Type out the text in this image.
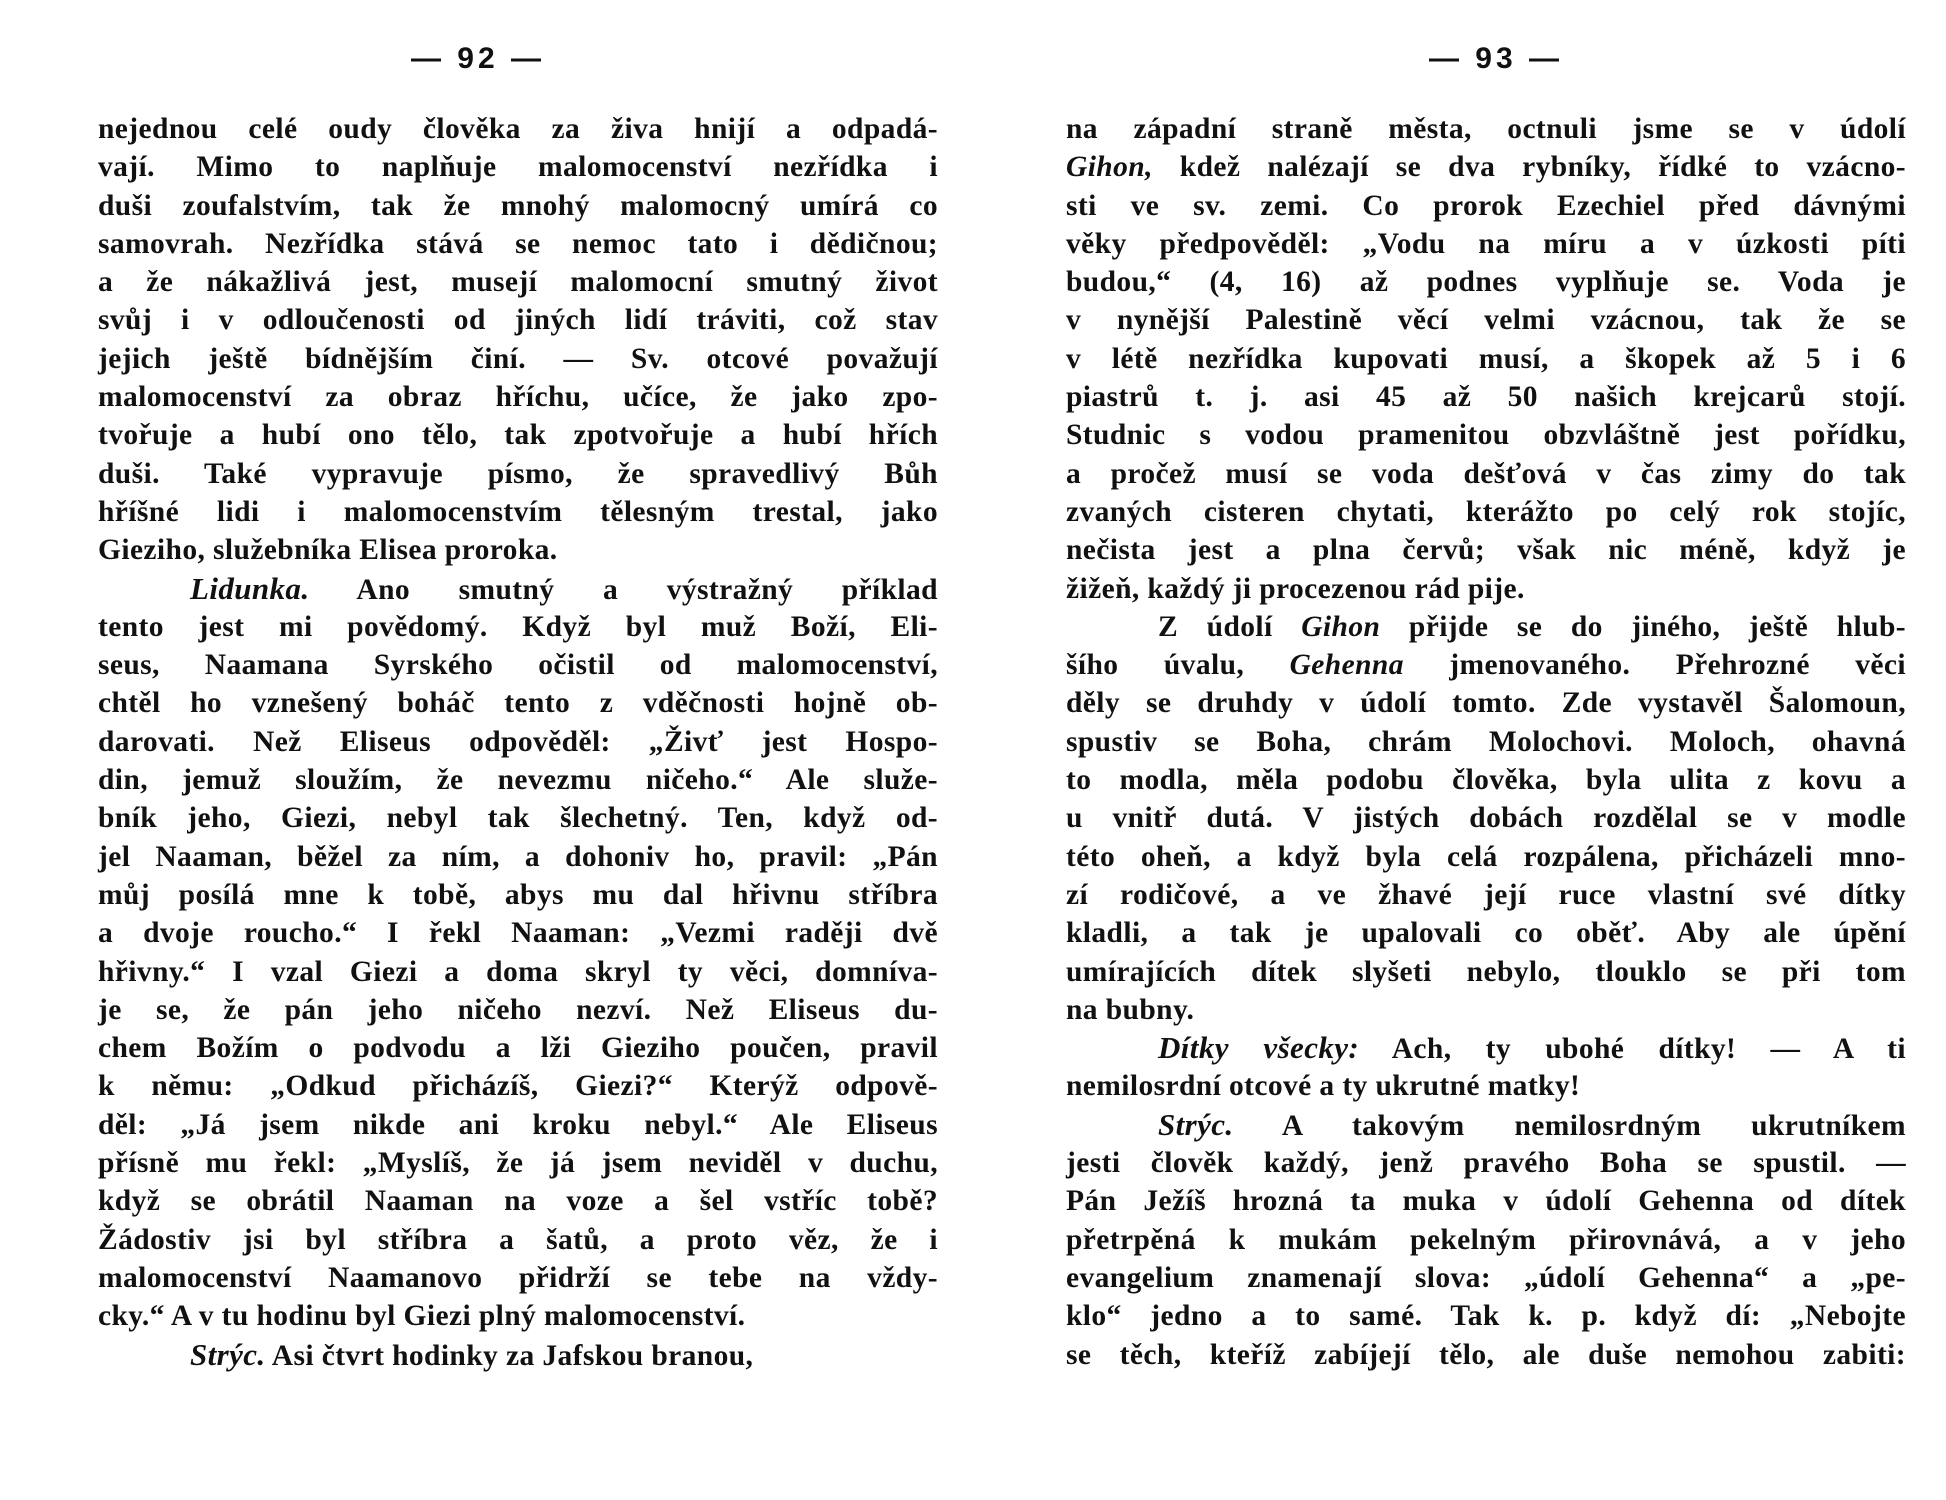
— 92 —
nejednou celé oudy člověka za živa hnijí a odpadá-
vají. Mimo to naplňuje malomocenství nezřídka i
duši zoufalstvím, tak že mnohý malomocný umírá co
samovrah. Nezřídka stává se nemoc tato i dědičnou;
a že nákažlivá jest, musejí malomocní smutný život
svůj i v odloučenosti od jiných lidí tráviti, což stav
jejich ještě bídnějším činí. — Sv. otcové považují
malomocenství za obraz hříchu, učíce, že jako zpo-
tvořuje a hubí ono tělo, tak zpotvořuje a hubí hřích
duši. Také vypravuje písmo, že spravedlivý Bůh
hříšné lidi i malomocenstvím tělesným trestal, jako
Gieziho, služebníka Elisea proroka.
Lidunka. Ano smutný a výstražný příklad
tento jest mi povědomý. Když byl muž Boží, Eli-
seus, Naamana Syrského očistil od malomocenství,
chtěl ho vznešený boháč tento z vděčnosti hojně ob-
darovati. Než Eliseus odpověděl: „Živť jest Hospo-
din, jemuž sloužím, že nevezmu ničeho.“ Ale služe-
bník jeho, Giezi, nebyl tak šlechetný. Ten, když od-
jel Naaman, běžel za ním, a dohoniv ho, pravil: „Pán
můj posílá mne k tobě, abys mu dal hřivnu stříbra
a dvoje roucho.“ I řekl Naaman: „Vezmi raději dvě
hřivny.“ I vzal Giezi a doma skryl ty věci, domníva-
je se, že pán jeho ničeho nezví. Než Eliseus du-
chem Božím o podvodu a lži Gieziho poučen, pravil
k němu: „Odkud přicházíš, Giezi?“ Kterýž odpově-
děl: „Já jsem nikde ani kroku nebyl.“ Ale Eliseus
přísně mu řekl: „Myslíš, že já jsem neviděl v duchu,
když se obrátil Naaman na voze a šel vstříc tobě?
Žádostiv jsi byl stříbra a šatů, a proto věz, že i
malomocenství Naamanovo přidrží se tebe na vždy-
cky.“ A v tu hodinu byl Giezi plný malomocenství.
Strýc. Asi čtvrt hodinky za Jafskou branou,
— 93 —
na západní straně města, octnuli jsme se v údolí
Gihon, kdež nalézají se dva rybníky, řídké to vzácno-
sti ve sv. zemi. Co prorok Ezechiel před dávnými
věky předpověděl: „Vodu na míru a v úzkosti píti
budou,“ (4, 16) až podnes vyplňuje se. Voda je
v nynější Palestině věcí velmi vzácnou, tak že se
v létě nezřídka kupovati musí, a škopek až 5 i 6
piastrů t. j. asi 45 až 50 našich krejcarů stojí.
Studnic s vodou pramenitou obzvláštně jest pořídku,
a pročež musí se voda dešťová v čas zimy do tak
zvaných cisteren chytati, kterážto po celý rok stojíc,
nečista jest a plna červů; však nic méně, když je
žižeň, každý ji procezenou rád pije.
Z údolí Gihon přijde se do jiného, ještě hlub-
šího úvalu, Gehenna jmenovaného. Přehrozné věci
děly se druhdy v údolí tomto. Zde vystavěl Šalomoun,
spustiv se Boha, chrám Molochovi. Moloch, ohavná
to modla, měla podobu člověka, byla ulita z kovu a
u vnitř dutá. V jistých dobách rozdělal se v modle
této oheň, a když byla celá rozpálena, přicházeli mno-
zí rodičové, a ve žhavé její ruce vlastní své dítky
kladli, a tak je upalovali co oběť. Aby ale úpění
umírajících dítek slyšeti nebylo, tlouklo se při tom
na bubny.
Dítky všecky: Ach, ty ubohé dítky! — A ti
nemilosrdní otcové a ty ukrutné matky!
Strýc. A takovým nemilosrdným ukrutníkem
jesti člověk každý, jenž pravého Boha se spustil. —
Pán Ježíš hrozná ta muka v údolí Gehenna od dítek
přetrpěná k mukám pekelným přirovnává, a v jeho
evangelium znamenají slova: „údolí Gehenna“ a „pe-
klo“ jedno a to samé. Tak k. p. když dí: „Nebojte
se těch, kteříž zabíjejí tělo, ale duše nemohou zabiti:
